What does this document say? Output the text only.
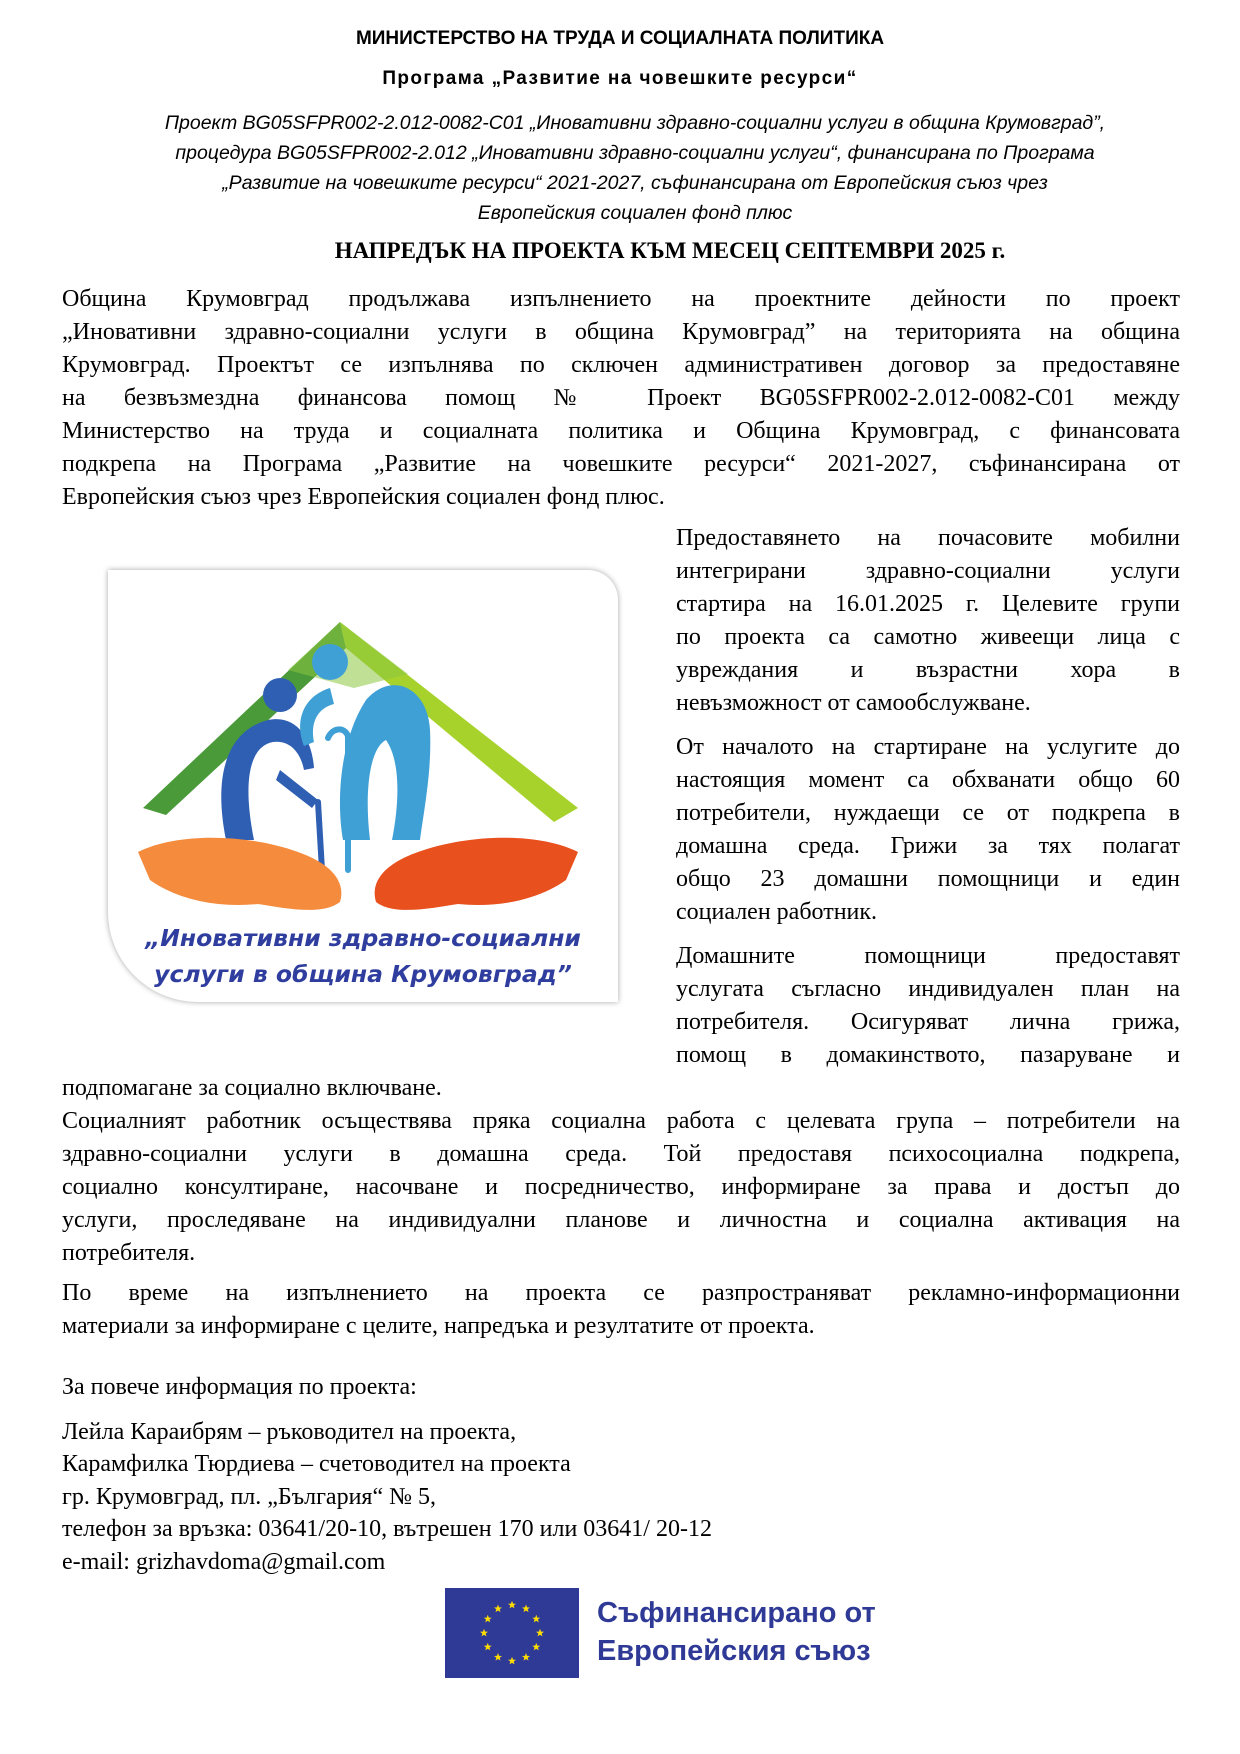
МИНИСТЕРСТВО НА ТРУДА И СОЦИАЛНАТА ПОЛИТИКА
Програма „Развитие на човешките ресурси“
Проект BG05SFPR002-2.012-0082-C01 „Иновативни здравно-социални услуги в община Крумовград”,
процедура BG05SFPR002-2.012 „Иновативни здравно-социални услуги“, финансирана по Програма
„Развитие на човешките ресурси“ 2021-2027, съфинансирана от Европейския съюз чрез
Европейския социален фонд плюс
НАПРЕДЪК НА ПРОЕКТА КЪМ МЕСЕЦ СЕПТЕМВРИ 2025 г.
Община Крумовград продължава изпълнението на проектните дейности по проект
„Иновативни здравно-социални услуги в община Крумовград” на територията на община
Крумовград. Проектът се изпълнява по сключен административен договор за предоставяне
на безвъзмездна финансова помощ № Проект BG05SFPR002-2.012-0082-C01 между
Министерство на труда и социалната политика и Община Крумовград, с финансовата
подкрепа на Програма „Развитие на човешките ресурси“ 2021-2027, съфинансирана от
Европейския съюз чрез Европейския социален фонд плюс.
„Иновативни здравно-социални
услуги в община Крумовград”
Предоставянето на почасовите мобилни
интегрирани здравно-социални услуги
стартира на 16.01.2025 г. Целевите групи
по проекта са самотно живеещи лица с
увреждания и възрастни хора в
невъзможност от самообслужване.
От началото на стартиране на услугите до
настоящия момент са обхванати общо 60
потребители, нуждаещи се от подкрепа в
домашна среда. Грижи за тях полагат
общо 23 домашни помощници и един
социален работник.
Домашните помощници предоставят
услугата съгласно индивидуален план на
потребителя. Осигуряват лична грижа,
помощ в домакинството, пазаруване и
подпомагане за социално включване.
Социалният работник осъществява пряка социална работа с целевата група – потребители на
здравно-социални услуги в домашна среда. Той предоставя психосоциална подкрепа,
социално консултиране, насочване и посредничество, информиране за права и достъп до
услуги, проследяване на индивидуални планове и личностна и социална активация на
потребителя.
По време на изпълнението на проекта се разпространяват рекламно-информационни
материали за информиране с целите, напредъка и резултатите от проекта.
За повече информация по проекта:
Лейла Караибрям – ръководител на проекта,
Карамфилка Тюрдиева – счетоводител на проекта
гр. Крумовград, пл. „България“ № 5,
телефон за връзка: 03641/20-10, вътрешен 170 или 03641/ 20-12
e-mail: grizhavdoma@gmail.com
Съфинансирано от
Европейския съюз
